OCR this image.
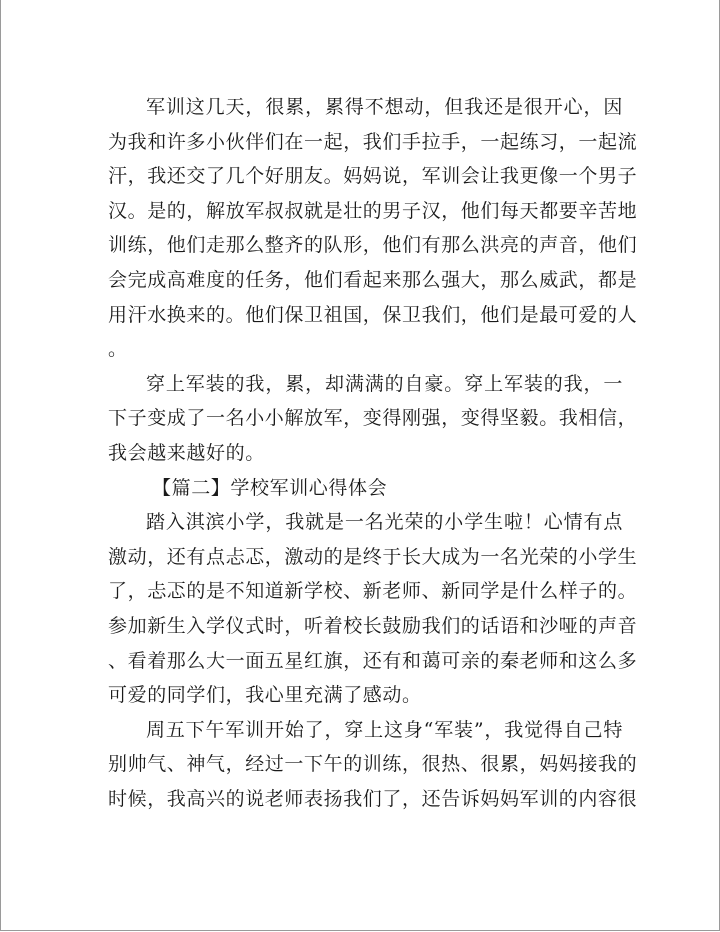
军训这几天，很累，累得不想动，但我还是很开心，因
为我和许多小伙伴们在一起，我们手拉手，一起练习，一起流
汗，我还交了几个好朋友。妈妈说，军训会让我更像一个男子
汉。是的，解放军叔叔就是壮的男子汉，他们每天都要辛苦地
训练，他们走那么整齐的队形，他们有那么洪亮的声音，他们
会完成高难度的任务，他们看起来那么强大，那么威武，都是
用汗水换来的。他们保卫祖国，保卫我们，他们是最可爱的人
。
穿上军装的我，累，却满满的自豪。穿上军装的我，一
下子变成了一名小小解放军，变得刚强，变得坚毅。我相信，
我会越来越好的。
【篇二】学校军训心得体会
踏入淇滨小学，我就是一名光荣的小学生啦！心情有点
激动，还有点忐忑，激动的是终于长大成为一名光荣的小学生
了，忐忑的是不知道新学校、新老师、新同学是什么样子的。
参加新生入学仪式时，听着校长鼓励我们的话语和沙哑的声音
、看着那么大一面五星红旗，还有和蔼可亲的秦老师和这么多
可爱的同学们，我心里充满了感动。
周五下午军训开始了，穿上这身“军装”，我觉得自己特
别帅气、神气，经过一下午的训练，很热、很累，妈妈接我的
时候，我高兴的说老师表扬我们了，还告诉妈妈军训的内容很
